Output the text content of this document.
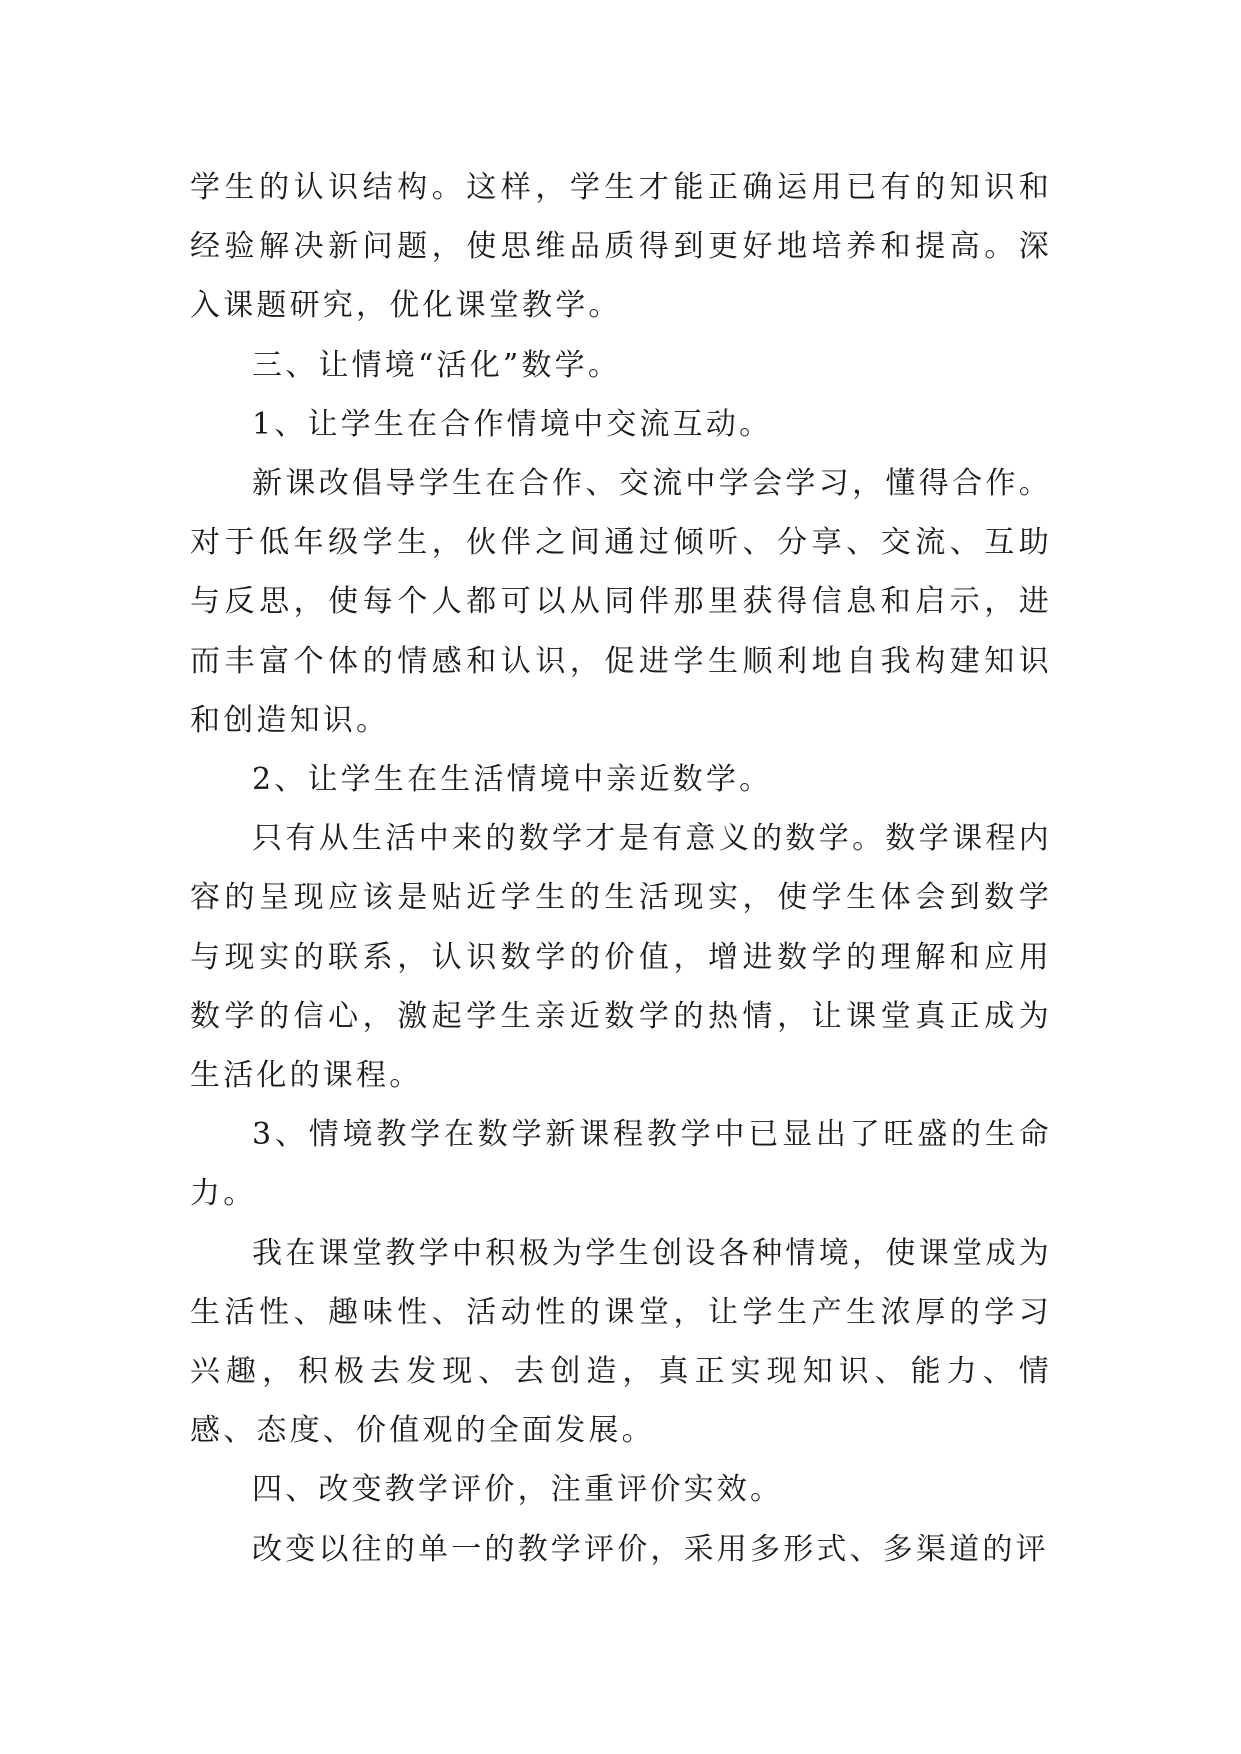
学生的认识结构。这样，学生才能正确运用已有的知识和经验解决新问题，使思维品质得到更好地培养和提高。深入课题研究，优化课堂教学。

三、让情境“活化”数学。

1、让学生在合作情境中交流互动。

新课改倡导学生在合作、交流中学会学习，懂得合作。对于低年级学生，伙伴之间通过倾听、分享、交流、互助与反思，使每个人都可以从同伴那里获得信息和启示，进而丰富个体的情感和认识，促进学生顺利地自我构建知识和创造知识。

2、让学生在生活情境中亲近数学。

只有从生活中来的数学才是有意义的数学。数学课程内容的呈现应该是贴近学生的生活现实，使学生体会到数学与现实的联系，认识数学的价值，增进数学的理解和应用数学的信心，激起学生亲近数学的热情，让课堂真正成为生活化的课程。

3、情境教学在数学新课程教学中已显出了旺盛的生命力。

我在课堂教学中积极为学生创设各种情境，使课堂成为生活性、趣味性、活动性的课堂，让学生产生浓厚的学习兴趣，积极去发现、去创造，真正实现知识、能力、情感、态度、价值观的全面发展。

四、改变教学评价，注重评价实效。

改变以往的单一的教学评价，采用多形式、多渠道的评
